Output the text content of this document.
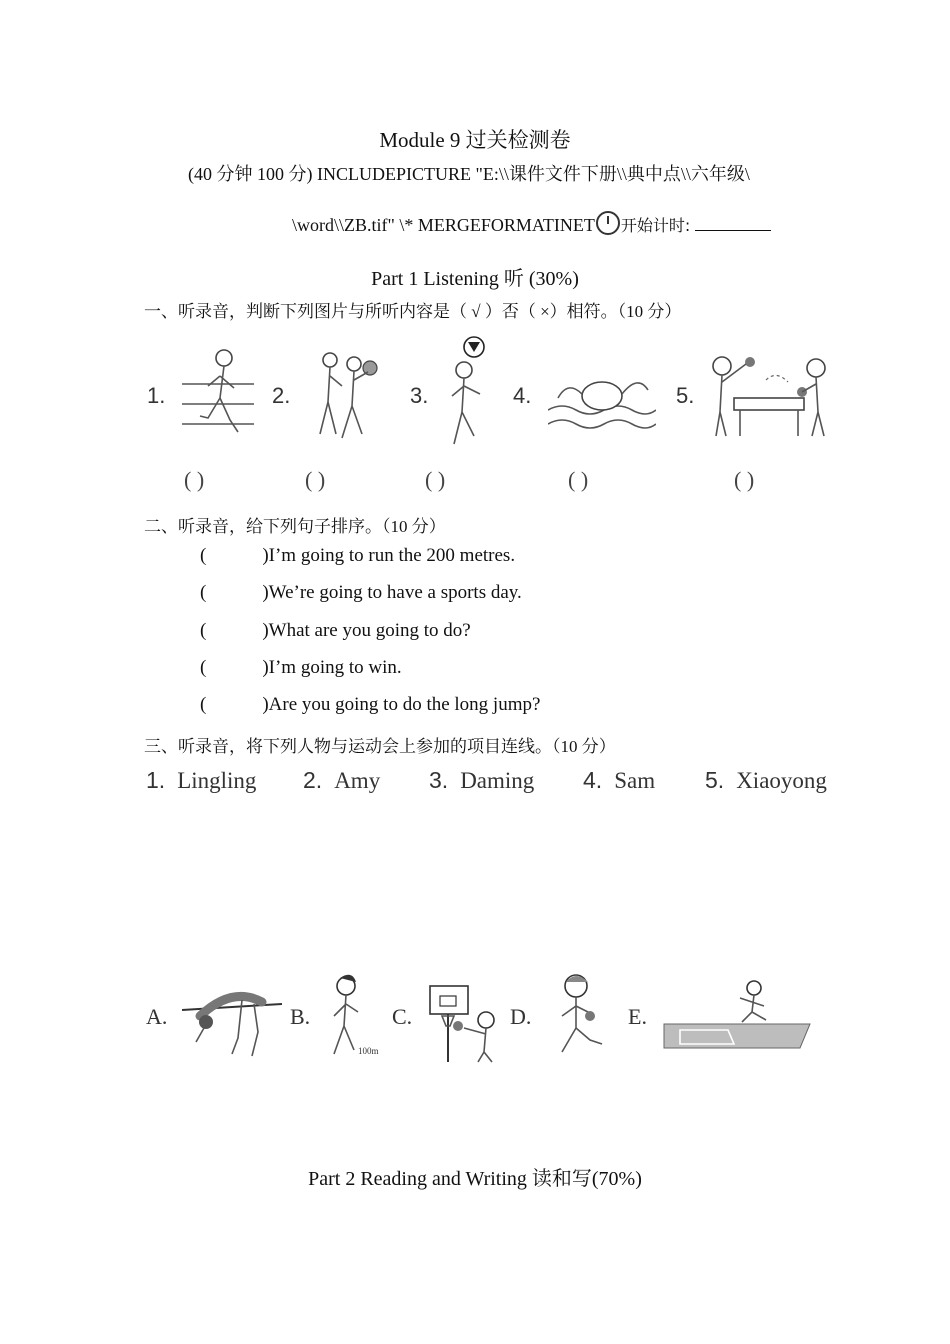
Module 9 过关检测卷
(40 分钟 100 分) INCLUDEPICTURE "E:\\课件文件下册\\典中点\\六年级\
\word\\ZB.tif" \* MERGEFORMATINET 开始计时:
Part 1 Listening 听 (30%)
一、听录音，判断下列图片与所听内容是（ √ ）否（ ×）相符。（10 分）
1.	2.	3.	4.	5.
( )	( )	( )	( )	( )
二、听录音，给下列句子排序。（10 分）
(	)I’m going to run the 200 metres.
(	)We’re going to have a sports day.
(	)What are you going to do?
(	)I’m going to win.
(	)Are you going to do the long jump?
三、听录音，将下列人物与运动会上参加的项目连线。（10 分）
1. Lingling 2. Amy 3. Daming 4. Sam 5. Xiaoyong
A.	B.	C.	D.	E.
100m
Part 2 Reading and Writing 读和写(70%)
